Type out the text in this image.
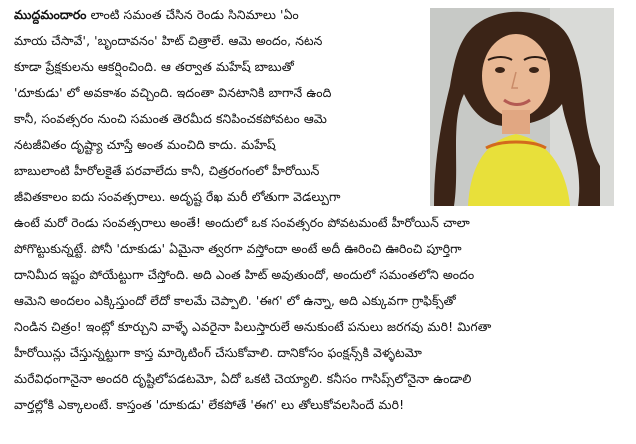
ముద్దమందారం లాంటి సమంత చేసిన రెండు సినిమాలు 'ఏం
మాయ చేసావే', 'బృందావనం' హిట్ చిత్రాలే. ఆమె అందం, నటన
కూడా ప్రేక్షకులను ఆకర్షించింది. ఆ తర్వాత మహేష్ బాబుతో
'దూకుడు' లో అవకాశం వచ్చింది. ఇదంతా వినటానికి బాగానే ఉంది
కానీ, సంవత్సరం నుంచి సమంత తెరమీద కనిపించకపోవటం ఆమె
నటజీవితం దృష్ట్యా చూస్తే అంత మంచిది కాదు. మహేష్
బాబులాంటి హీరోలకైతే పరవాలేదు కానీ, చిత్రరంగంలో హీరోయిన్
జీవితకాలం ఐదు సంవత్సరాలు. అదృష్ట రేఖ మరీ లోతుగా వెడల్పుగా
ఉంటే మరో రెండు సంవత్సరాలు అంతే! అందులో ఒక సంవత్సరం పోవటమంటే హీరోయిన్ చాలా
పోగొట్టుకున్నట్టే. పోనీ 'దూకుడు' ఏమైనా త్వరగా వస్తోందా అంటే అదీ ఊరించి ఊరించి పూర్తిగా
దానిమీద ఇష్టం పోయేట్టుగా చేస్తోంది. అది ఎంత హిట్ అవుతుందో, అందులో సమంతలోని అందం
ఆమెని అందలం ఎక్కిస్తుందో లేదో కాలమే చెప్పాలి. 'ఈగ' లో ఉన్నా, అది ఎక్కువగా గ్రాఫిక్స్‌తో
నిండిన చిత్రం! ఇంట్లో కూర్చుని వాళ్ళే ఎవరైనా పిలుస్తారులే అనుకుంటే పనులు జరగవు మరి! మిగతా
హీరోయిన్లు చేస్తున్నట్టుగా కాస్త మార్కెటింగ్ చేసుకోవాలి. దానికోసం ఫంక్షన్స్‌కి వెళ్ళటమో
మరేవిధంగానైనా అందరి దృష్టిలోపడటమో, ఏదో ఒకటి చెయ్యాలి. కనీసం గాసిప్స్‌లోనైనా ఉండాలి
వార్తల్లోకి ఎక్కాలంటే. కాస్తంత 'దూకుడు' లేకపోతే 'ఈగ' లు తోలుకోవలసిందే మరి!
